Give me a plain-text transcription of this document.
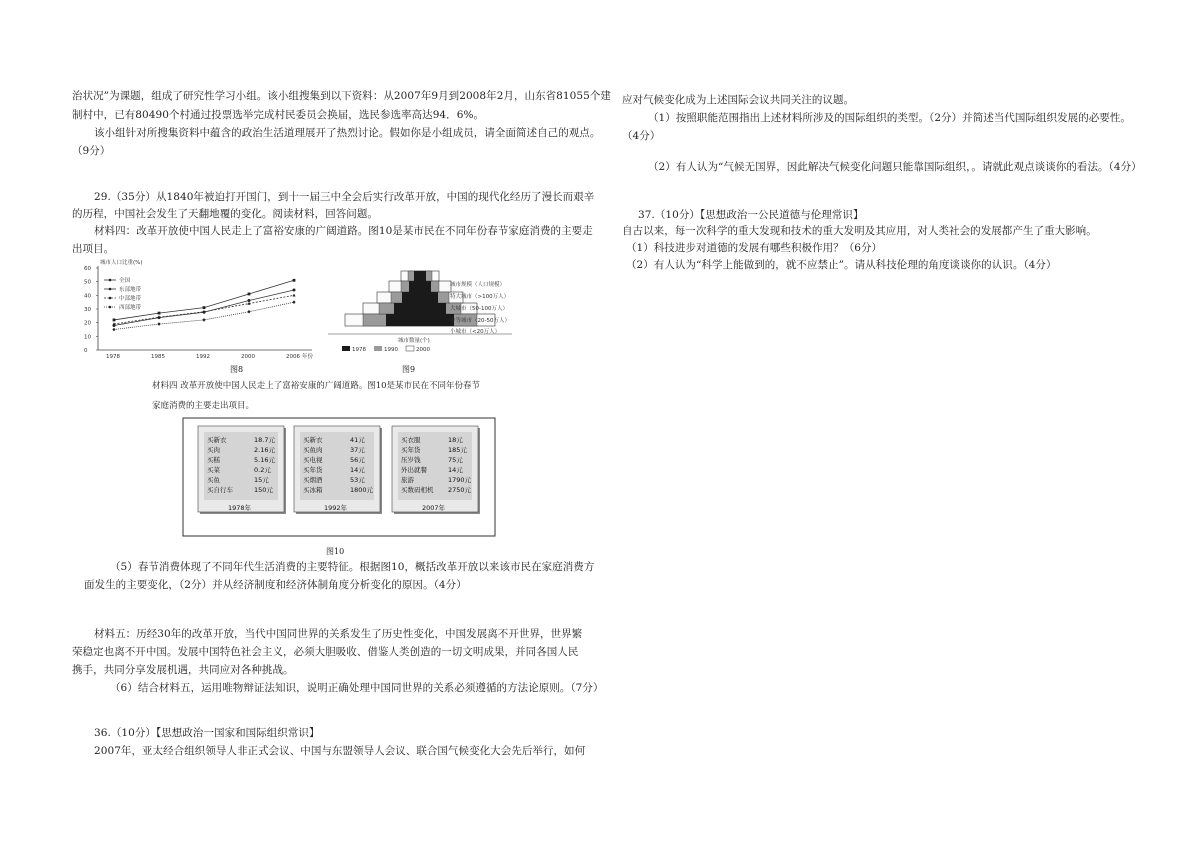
治状况”为课题，组成了研究性学习小组。该小组搜集到以下资料：从2007年9月到2008年2月，山东省81055个建
制村中，已有80490个村通过投票选举完成村民委员会换届，选民参选率高达94．6%。
该小组针对所搜集资料中蕴含的政治生活道理展开了热烈讨论。假如你是小组成员，请全面简述自己的观点。
（9分）
29.（35分）从1840年被迫打开国门，到十一届三中全会后实行改革开放，中国的现代化经历了漫长而艰辛
的历程，中国社会发生了天翻地覆的变化。阅读材料，回答问题。
材料四：改革开放使中国人民走上了富裕安康的广阔道路。图10是某市民在不同年份春节家庭消费的主要走
出项目。
（5）春节消费体现了不同年代生活消费的主要特征。根据图10，概括改革开放以来该市民在家庭消费方
面发生的主要变化，（2分）并从经济制度和经济体制角度分析变化的原因。（4分）
材料五：历经30年的改革开放，当代中国同世界的关系发生了历史性变化，中国发展离不开世界，世界繁
荣稳定也离不开中国。发展中国特色社会主义，必须大胆吸收、借鉴人类创造的一切文明成果，并同各国人民
携手，共同分享发展机遇，共同应对各种挑战。
（6）结合材料五，运用唯物辩证法知识，说明正确处理中国同世界的关系必须遵循的方法论原则。（7分）
36.（10分）【思想政治一国家和国际组织常识】
2007年，亚太经合组织领导人非正式会议、中国与东盟领导人会议、联合国气候变化大会先后举行，如何
应对气候变化成为上述国际会议共同关注的议题。
（1）按照职能范围指出上述材料所涉及的国际组织的类型。（2分）并简述当代国际组织发展的必要性。
（4分）
（2）有人认为“气候无国界，因此解决气候变化问题只能靠国际组织，。请就此观点谈谈你的看法。（4分）
37.（10分）【思想政治一公民道德与伦理常识】
自古以来，每一次科学的重大发现和技术的重大发明及其应用，对人类社会的发展都产生了重大影响。
（1）科技进步对道德的发展有哪些积极作用？（6分）
（2）有人认为“科学上能做到的，就不应禁止”。请从科技伦理的角度谈谈你的认识。（4分）
城市人口比重(%)
0
10
20
30
40
50
60
1978	1985	1992	2000	2006 年份
全国
东部地带
中部地带
西部地带
图8
城市数量(个)
1978	1990	2000
城市规模（人口规模）
特大城市（>100万人）
大城市（50-100万人）
中等城市（20-50万人）
小城市（<20万人）
图9
材料四 改革开放使中国人民走上了富裕安康的广阔道路。图10是某市民在不同年份春节
家庭消费的主要走出项目。
买新衣	18.7元
买肉	2.16元
买糕	5.16元
买菜	0.2元
买鱼	15元
买自行车	150元
1978年
买新衣	41元
买鱼肉	37元
买电视	56元
买年货	14元
买烟酒	53元
买冰箱	1800元
1992年
买衣服	18元
买年货	185元
压岁钱	75元
外出就餐	14元
旅游	1790元
买数码相机 2750元
2007年
图10
